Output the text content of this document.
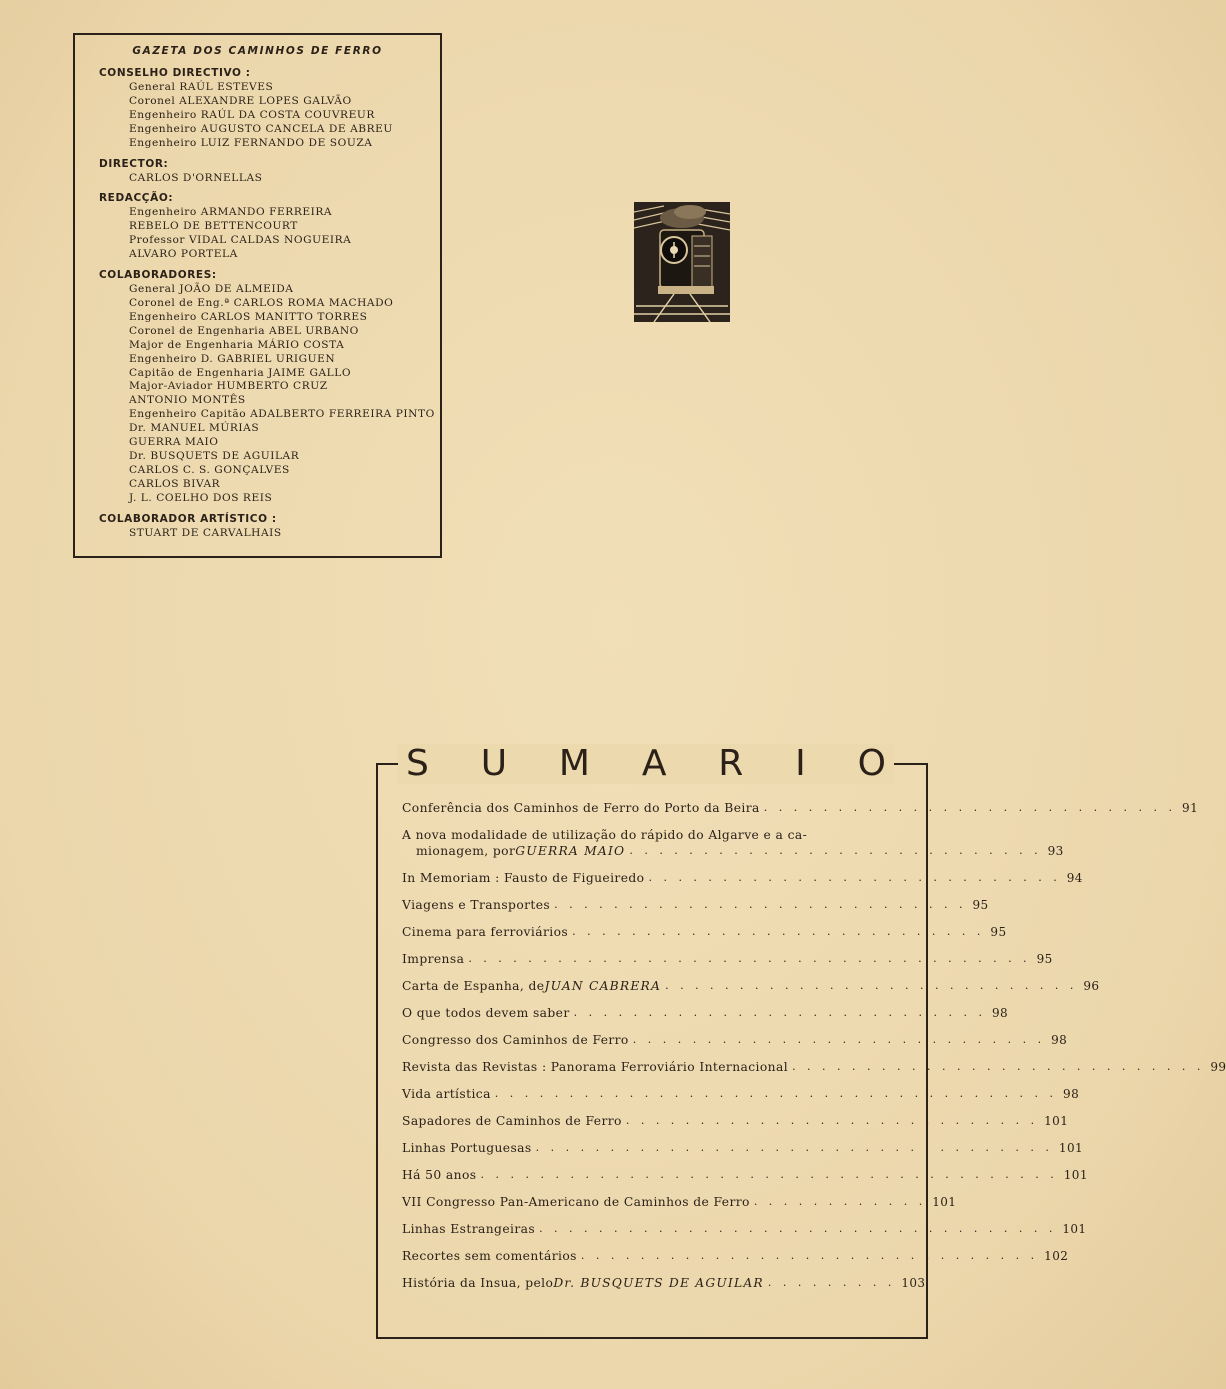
GAZETA DOS CAMINHOS DE FERRO
CONSELHO DIRECTIVO :
General RAÚL ESTEVES
Coronel ALEXANDRE LOPES GALVÃO
Engenheiro RAÚL DA COSTA COUVREUR
Engenheiro AUGUSTO CANCELA DE ABREU
Engenheiro LUIZ FERNANDO DE SOUZA
DIRECTOR:
CARLOS D'ORNELLAS
REDACÇÃO:
Engenheiro ARMANDO FERREIRA
REBELO DE BETTENCOURT
Professor VIDAL CALDAS NOGUEIRA
ALVARO PORTELA
COLABORADORES:
General JOÃO DE ALMEIDA
Coronel de Eng.ª CARLOS ROMA MACHADO
Engenheiro CARLOS MANITTO TORRES
Coronel de Engenharia ABEL URBANO
Major de Engenharia MÁRIO COSTA
Engenheiro D. GABRIEL URIGUEN
Capitão de Engenharia JAIME GALLO
Major-Aviador HUMBERTO CRUZ
ANTONIO MONTÊS
Engenheiro Capitão ADALBERTO FERREIRA PINTO
Dr. MANUEL MÚRIAS
GUERRA MAIO
Dr. BUSQUETS DE AGUILAR
CARLOS C. S. GONÇALVES
CARLOS BIVAR
J. L. COELHO DOS REIS
COLABORADOR ARTÍSTICO :
STUART DE CARVALHAIS
S U M A R I O
Conferência dos Caminhos de Ferro do Porto da Beira . . . . . . . . . . . . . . . . . . . . . . . . . . . . 91
A nova modalidade de utilização do rápido do Algarve e a ca-
mionagem, por GUERRA MAIO . . . . . . . . . . . . . . . . . . . . . . . . . . . . 93
In Memoriam : Fausto de Figueiredo . . . . . . . . . . . . . . . . . . . . . . . . . . . . 94
Viagens e Transportes . . . . . . . . . . . . . . . . . . . . . . . . . . . . 95
Cinema para ferroviários . . . . . . . . . . . . . . . . . . . . . . . . . . . . 95
Imprensa . . . . . . . . . . . . . . . . . . . . . . . . . . . . . . . . . . . . . . 95
Carta de Espanha, de JUAN CABRERA . . . . . . . . . . . . . . . . . . . . . . . . . . . . 96
O que todos devem saber . . . . . . . . . . . . . . . . . . . . . . . . . . . . 98
Congresso dos Caminhos de Ferro . . . . . . . . . . . . . . . . . . . . . . . . . . . . 98
Revista das Revistas : Panorama Ferroviário Internacional . . . . . . . . . . . . . . . . . . . . . . . . . . . . 99
Vida artística . . . . . . . . . . . . . . . . . . . . . . . . . . . . . . . . . . . . . . 98
Sapadores de Caminhos de Ferro . . . . . . . . . . . . . . . . . . . . . . . . . . . . 101
Linhas Portuguesas . . . . . . . . . . . . . . . . . . . . . . . . . . . . . . . . . . . 101
Há 50 anos . . . . . . . . . . . . . . . . . . . . . . . . . . . . . . . . . . . . . . . 101
VII Congresso Pan-Americano de Caminhos de Ferro . . . . . . . . . . . . 101
Linhas Estrangeiras . . . . . . . . . . . . . . . . . . . . . . . . . . . . . . . . . . . 101
Recortes sem comentários . . . . . . . . . . . . . . . . . . . . . . . . . . . . . . . 102
História da Insua, pelo Dr. BUSQUETS DE AGUILAR . . . . . . . . . 103
